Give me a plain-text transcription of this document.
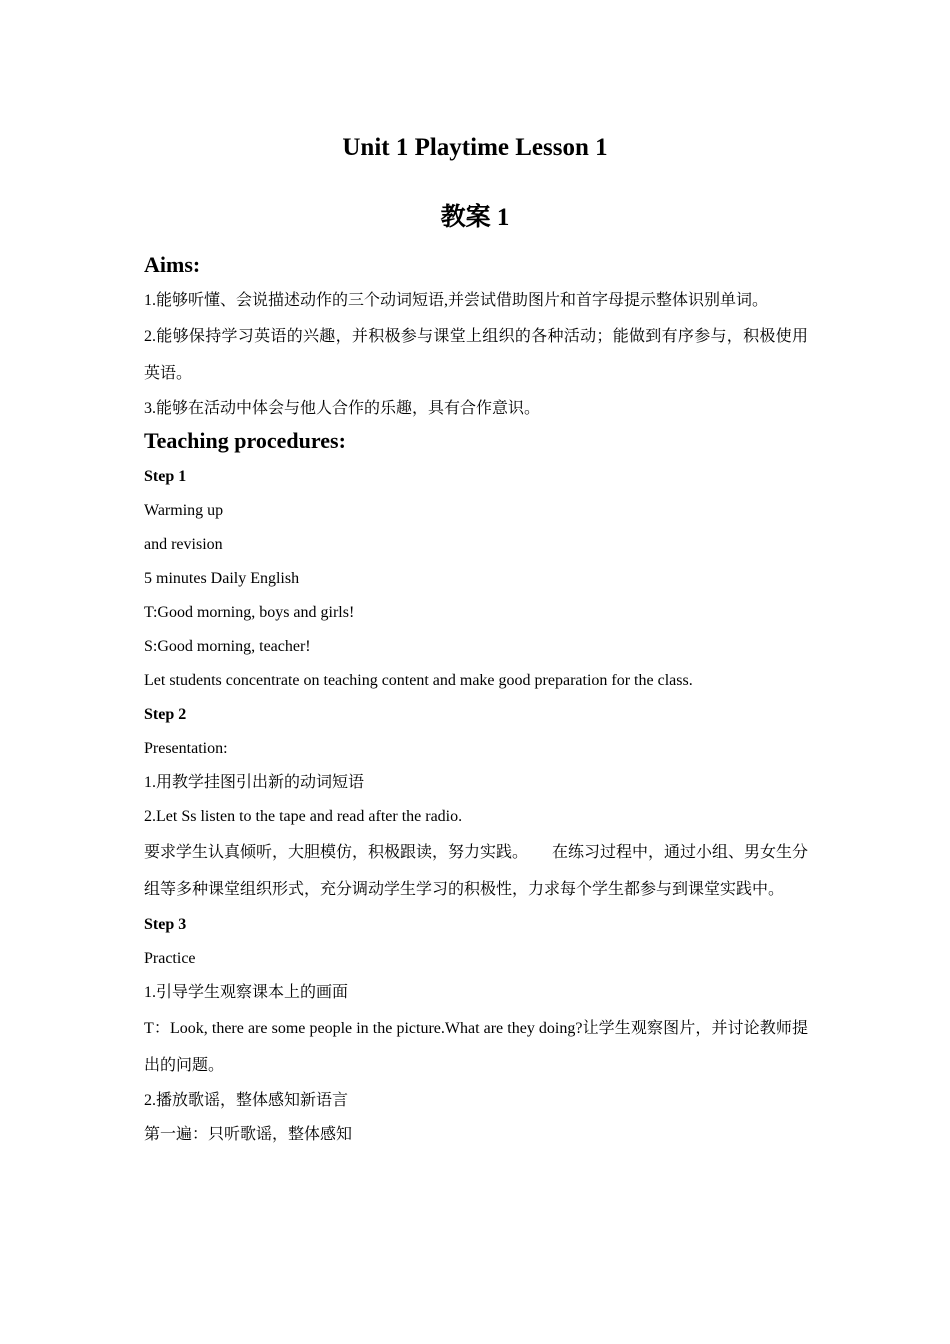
Unit 1 Playtime Lesson 1
教案 1
Aims:

1.能够听懂、会说描述动作的三个动词短语,并尝试借助图片和首字母提示整体识别单词。

2.能够保持学习英语的兴趣，并积极参与课堂上组织的各种活动；能做到有序参与，积极使用英语。

3.能够在活动中体会与他人合作的乐趣，具有合作意识。

Teaching procedures:

Step 1

Warming up

and revision

5 minutes Daily English

T:Good morning, boys and girls!

S:Good morning, teacher!

Let students concentrate on teaching content and make good preparation for the class.

Step 2

Presentation:

1.用教学挂图引出新的动词短语

2.Let Ss listen to the tape and read after the radio.

要求学生认真倾听，大胆模仿，积极跟读，努力实践。　　在练习过程中，通过小组、男女生分组等多种课堂组织形式，充分调动学生学习的积极性，力求每个学生都参与到课堂实践中。

Step 3

Practice

1.引导学生观察课本上的画面

T：Look, there are some people in the picture.What are they doing?让学生观察图片，并讨论教师提出的问题。

2.播放歌谣，整体感知新语言

第一遍：只听歌谣，整体感知
